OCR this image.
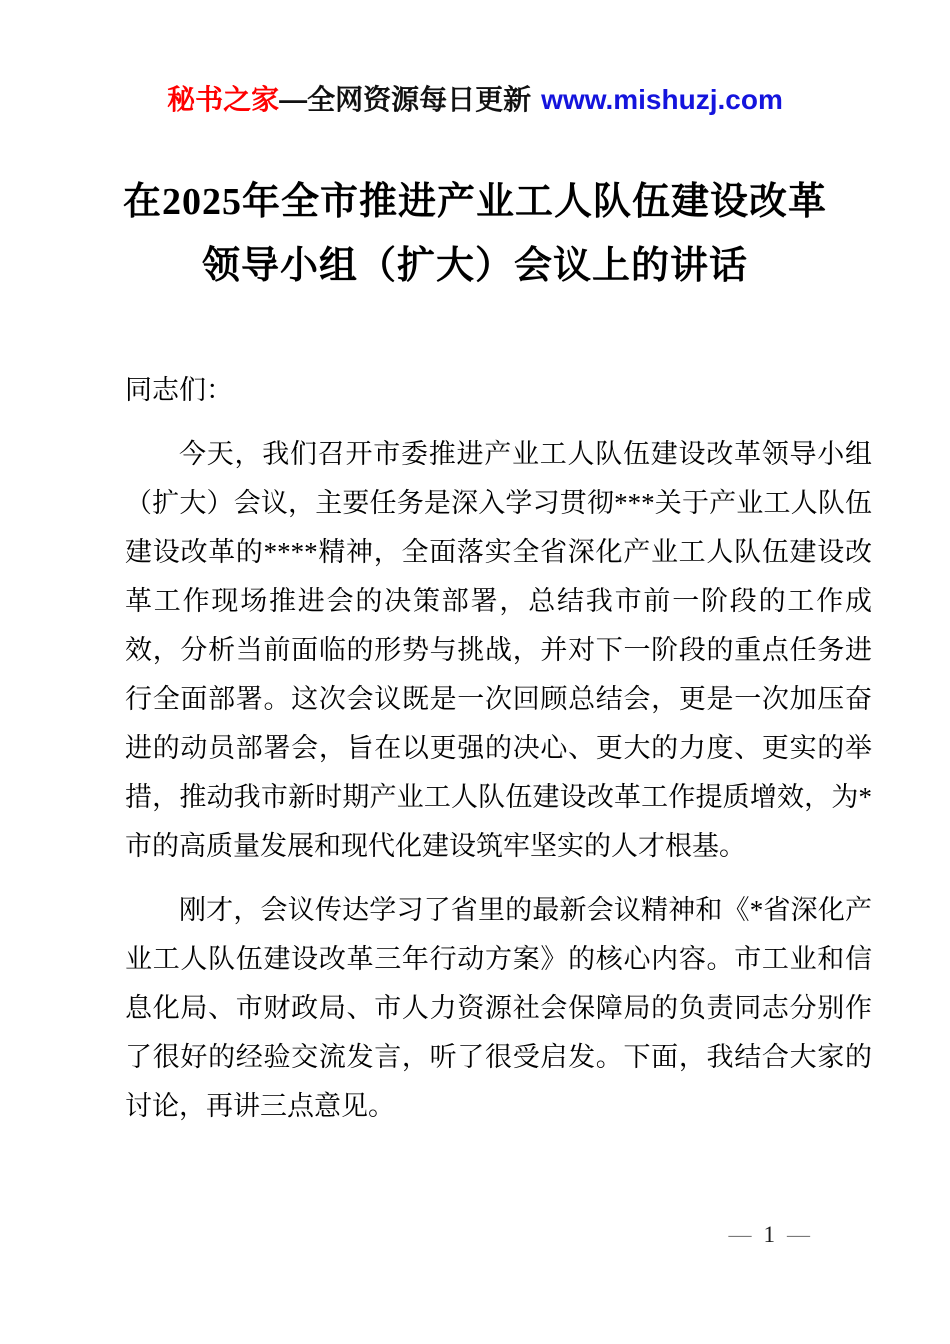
秘书之家—全网资源每日更新 www.mishuzj.com
在2025年全市推进产业工人队伍建设改革
领导小组（扩大）会议上的讲话

同志们：

今天，我们召开市委推进产业工人队伍建设改革领导小组（扩大）会议，主要任务是深入学习贯彻***关于产业工人队伍建设改革的****精神，全面落实全省深化产业工人队伍建设改革工作现场推进会的决策部署，总结我市前一阶段的工作成效，分析当前面临的形势与挑战，并对下一阶段的重点任务进行全面部署。这次会议既是一次回顾总结会，更是一次加压奋进的动员部署会，旨在以更强的决心、更大的力度、更实的举措，推动我市新时期产业工人队伍建设改革工作提质增效，为*市的高质量发展和现代化建设筑牢坚实的人才根基。

刚才，会议传达学习了省里的最新会议精神和《*省深化产业工人队伍建设改革三年行动方案》的核心内容。市工业和信息化局、市财政局、市人力资源社会保障局的负责同志分别作了很好的经验交流发言，听了很受启发。下面，我结合大家的讨论，再讲三点意见。

— 1 —
